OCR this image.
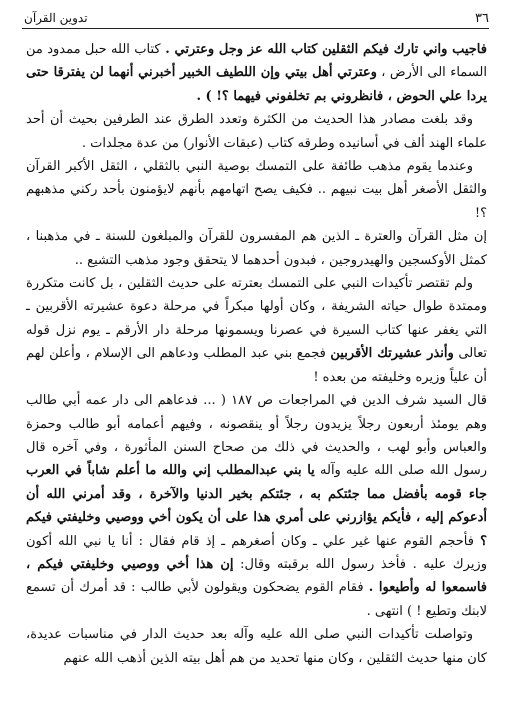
٣٦
تدوين القرآن

فاجيب واني تارك فيكم الثقلين كتاب الله عز وجل وعترتي . كتاب الله حبل ممدود من السماء الى الأرض ، وعترتي أهل بيتي وإن اللطيف الخبير أخبرني أنهما لن يفترقا حتى يردا علي الحوض ، فانظروني بم تخلفوني فيهما ؟! ) .

وقد بلغت مصادر هذا الحديث من الكثرة وتعدد الطرق عند الطرفين بحيث أن أحد علماء الهند ألف في أسانيده وطرقه كتاب (عبقات الأنوار) من عدة مجلدات .

وعندما يقوم مذهب طائفة على التمسك بوصية النبي بالثقلي ، الثقل الأكبر القرآن والثقل الأصغر أهل بيت نبيهم .. فكيف يصح اتهامهم بأنهم لايؤمنون بأحد ركني مذهبهم ؟!

إن مثل القرآن والعترة ـ الذين هم المفسرون للقرآن والمبلغون للسنة ـ في مذهبنا ، كمثل الأوكسجين والهيدروجين ، فبدون أحدهما لا يتحقق وجود مذهب التشيع ..

ولم تقتصر تأكيدات النبي على التمسك بعترته على حديث الثقلين ، بل كانت متكررة وممتدة طوال حياته الشريفة ، وكان أولها مبكراً في مرحلة دعوة عشيرته الأقربين ـ التي يغفر عنها كتاب السيرة في عصرنا ويسمونها مرحلة دار الأرقم ـ يوم نزل قوله تعالى وأنذر عشيرتك الأقربين فجمع بني عبد المطلب ودعاهم الى الإسلام ، وأعلن لهم أن علياً وزيره وخليفته من بعده !

قال السيد شرف الدين في المراجعات ص ١٨٧ ( ... فدعاهم الى دار عمه أبي طالب وهم يومئذ أربعون رجلاً يزيدون رجلاً أو ينقصونه ، وفيهم أعمامه أبو طالب وحمزة والعباس وأبو لهب ، والحديث في ذلك من صحاح السنن المأثورة ، وفي آخره قال رسول الله صلى الله عليه وآله يا بني عبدالمطلب إني والله ما أعلم شاباً في العرب جاء قومه بأفضل مما جئتكم به ، جئتكم بخير الدنيا والآخرة ، وقد أمرني الله أن أدعوكم إليه ، فأيكم يؤازرني على أمري هذا على أن يكون أخي ووصيي وخليفتي فيكم ؟ فأحجم القوم عنها غير علي ـ وكان أصغرهم ـ إذ قام فقال : أنا يا نبي الله أكون وزيرك عليه . فأخذ رسول الله برقبته وقال: إن هذا أخي ووصيي وخليفتي فيكم ، فاسمعوا له وأطيعوا . فقام القوم يضحكون ويقولون لأبي طالب : قد أمرك أن تسمع لابنك وتطيع ! ) انتهى .

وتواصلت تأكيدات النبي صلى الله عليه وآله بعد حديث الدار في مناسبات عديدة، كان منها حديث الثقلين ، وكان منها تحديد من هم أهل بيته الذين أذهب الله عنهم
